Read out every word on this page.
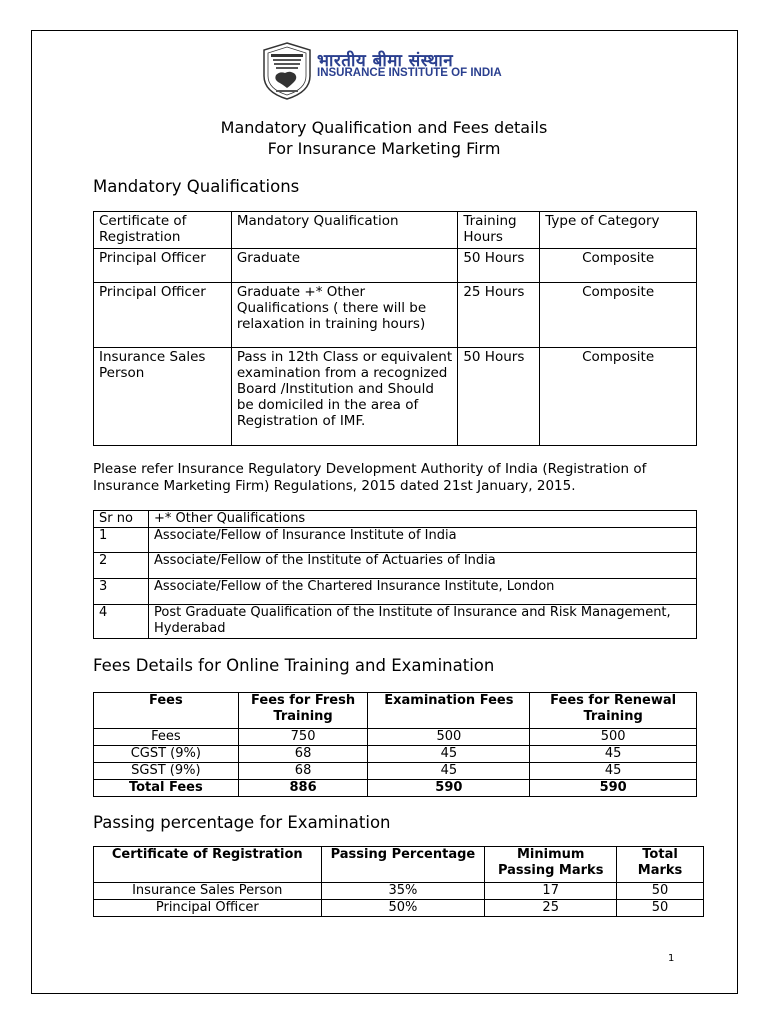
भारतीय बीमा संस्थान
INSURANCE INSTITUTE OF INDIA
Mandatory Qualification and Fees details
For Insurance Marketing Firm
Mandatory Qualifications
Certificate of Registration	Mandatory Qualification	Training Hours	Type of Category
Principal Officer	Graduate	50 Hours	Composite
Principal Officer	Graduate +* Other Qualifications ( there will be relaxation in training hours)	25 Hours	Composite
Insurance Sales Person	Pass in 12th Class or equivalent examination from a recognized Board /Institution and Should be domiciled in the area of Registration of IMF.	50 Hours	Composite
Please refer Insurance Regulatory Development Authority of India (Registration of Insurance Marketing Firm) Regulations, 2015 dated 21st January, 2015.
Sr no	+* Other Qualifications
1	Associate/Fellow of Insurance Institute of India
2	Associate/Fellow of the Institute of Actuaries of India
3	Associate/Fellow of the Chartered Insurance Institute, London
4	Post Graduate Qualification of the Institute of Insurance and Risk Management, Hyderabad
Fees Details for Online Training and Examination
Fees	Fees for Fresh Training	Examination Fees	Fees for Renewal Training
Fees	750	500	500
CGST (9%)	68	45	45
SGST (9%)	68	45	45
Total Fees	886	590	590
Passing percentage for Examination
Certificate of Registration	Passing Percentage	Minimum Passing Marks	Total Marks
Insurance Sales Person	35%	17	50
Principal Officer	50%	25	50
1
